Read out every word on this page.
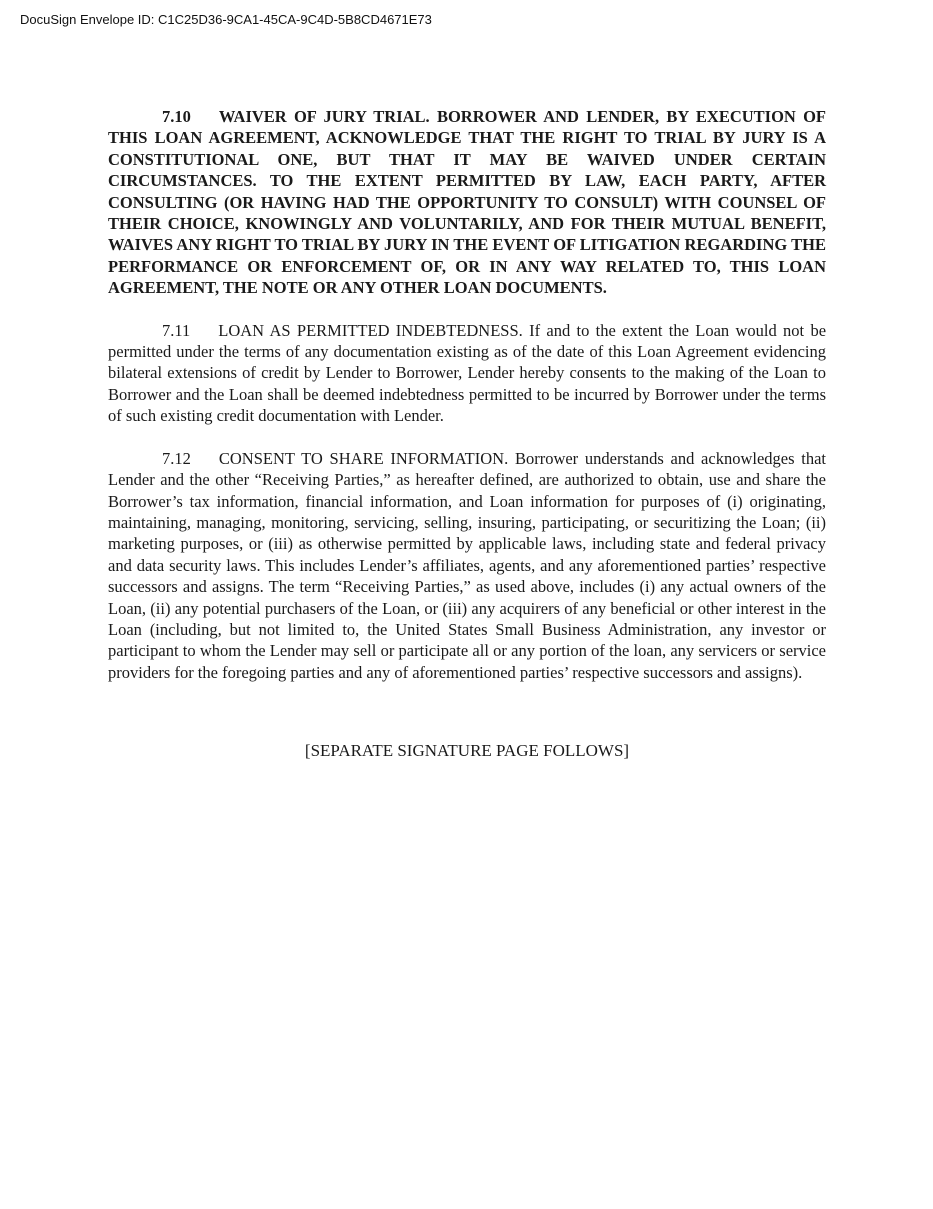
DocuSign Envelope ID: C1C25D36-9CA1-45CA-9C4D-5B8CD4671E73

7.10 WAIVER OF JURY TRIAL. BORROWER AND LENDER, BY EXECUTION OF THIS LOAN AGREEMENT, ACKNOWLEDGE THAT THE RIGHT TO TRIAL BY JURY IS A CONSTITUTIONAL ONE, BUT THAT IT MAY BE WAIVED UNDER CERTAIN CIRCUMSTANCES. TO THE EXTENT PERMITTED BY LAW, EACH PARTY, AFTER CONSULTING (OR HAVING HAD THE OPPORTUNITY TO CONSULT) WITH COUNSEL OF THEIR CHOICE, KNOWINGLY AND VOLUNTARILY, AND FOR THEIR MUTUAL BENEFIT, WAIVES ANY RIGHT TO TRIAL BY JURY IN THE EVENT OF LITIGATION REGARDING THE PERFORMANCE OR ENFORCEMENT OF, OR IN ANY WAY RELATED TO, THIS LOAN AGREEMENT, THE NOTE OR ANY OTHER LOAN DOCUMENTS.

7.11 LOAN AS PERMITTED INDEBTEDNESS. If and to the extent the Loan would not be permitted under the terms of any documentation existing as of the date of this Loan Agreement evidencing bilateral extensions of credit by Lender to Borrower, Lender hereby consents to the making of the Loan to Borrower and the Loan shall be deemed indebtedness permitted to be incurred by Borrower under the terms of such existing credit documentation with Lender.

7.12 CONSENT TO SHARE INFORMATION. Borrower understands and acknowledges that Lender and the other “Receiving Parties,” as hereafter defined, are authorized to obtain, use and share the Borrower’s tax information, financial information, and Loan information for purposes of (i) originating, maintaining, managing, monitoring, servicing, selling, insuring, participating, or securitizing the Loan; (ii) marketing purposes, or (iii) as otherwise permitted by applicable laws, including state and federal privacy and data security laws. This includes Lender’s affiliates, agents, and any aforementioned parties’ respective successors and assigns. The term “Receiving Parties,” as used above, includes (i) any actual owners of the Loan, (ii) any potential purchasers of the Loan, or (iii) any acquirers of any beneficial or other interest in the Loan (including, but not limited to, the United States Small Business Administration, any investor or participant to whom the Lender may sell or participate all or any portion of the loan, any servicers or service providers for the foregoing parties and any of aforementioned parties’ respective successors and assigns).

[SEPARATE SIGNATURE PAGE FOLLOWS]
